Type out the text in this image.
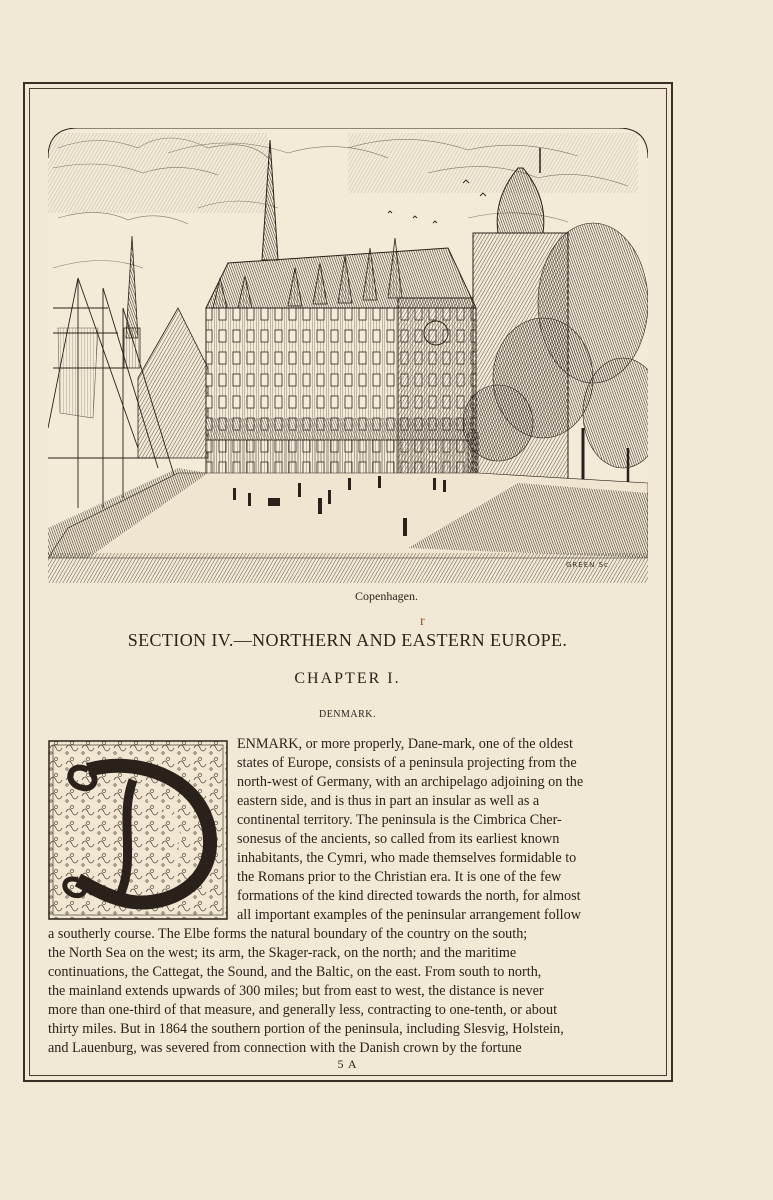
GREEN Sc
Copenhagen.
r
SECTION IV.—NORTHERN AND EASTERN EUROPE.
CHAPTER I.
DENMARK.
ENMARK, or more properly, Dane-mark, one of the oldest
states of Europe, consists of a peninsula projecting from the
north-west of Germany, with an archipelago adjoining on the
eastern side, and is thus in part an insular as well as a
continental territory. The peninsula is the Cimbrica Cher-
sonesus of the ancients, so called from its earliest known
inhabitants, the Cymri, who made themselves formidable to
the Romans prior to the Christian era. It is one of the few
formations of the kind directed towards the north, for almost
all important examples of the peninsular arrangement follow
a southerly course. The Elbe forms the natural boundary of the country on the south;
the North Sea on the west; its arm, the Skager-rack, on the north; and the maritime
continuations, the Cattegat, the Sound, and the Baltic, on the east. From south to north,
the mainland extends upwards of 300 miles; but from east to west, the distance is never
more than one-third of that measure, and generally less, contracting to one-tenth, or about
thirty miles. But in 1864 the southern portion of the peninsula, including Slesvig, Holstein,
and Lauenburg, was severed from connection with the Danish crown by the fortune
5 A
